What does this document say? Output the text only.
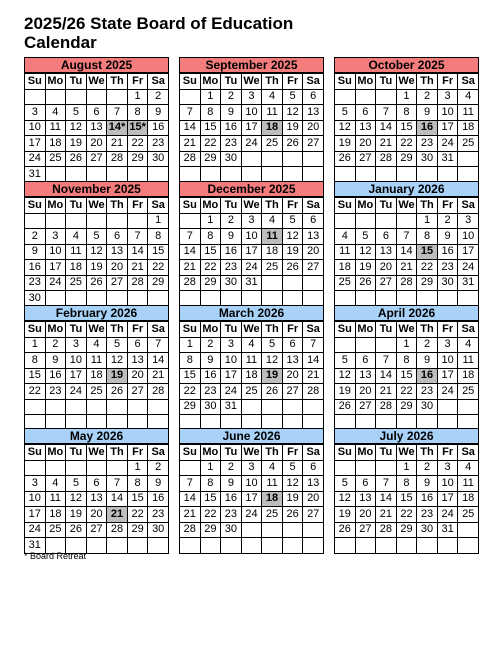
2025/26 State Board of Education
Calendar
August 2025
Su	Mo	Tu	We	Th	Fr	Sa
					1	2
3	4	5	6	7	8	9
10	11	12	13	14*	15*	16
17	18	19	20	21	22	23
24	25	26	27	28	29	30
31						
September 2025
Su	Mo	Tu	We	Th	Fr	Sa
	1	2	3	4	5	6
7	8	9	10	11	12	13
14	15	16	17	18	19	20
21	22	23	24	25	26	27
28	29	30				

October 2025
Su	Mo	Tu	We	Th	Fr	Sa
			1	2	3	4
5	6	7	8	9	10	11
12	13	14	15	16	17	18
19	20	21	22	23	24	25
26	27	28	29	30	31	

November 2025
Su	Mo	Tu	We	Th	Fr	Sa
						1
2	3	4	5	6	7	8
9	10	11	12	13	14	15
16	17	18	19	20	21	22
23	24	25	26	27	28	29
30						
December 2025
Su	Mo	Tu	We	Th	Fr	Sa
	1	2	3	4	5	6
7	8	9	10	11	12	13
14	15	16	17	18	19	20
21	22	23	24	25	26	27
28	29	30	31			

January 2026
Su	Mo	Tu	We	Th	Fr	Sa
				1	2	3
4	5	6	7	8	9	10
11	12	13	14	15	16	17
18	19	20	21	22	23	24
25	26	27	28	29	30	31

February 2026
Su	Mo	Tu	We	Th	Fr	Sa
1	2	3	4	5	6	7
8	9	10	11	12	13	14
15	16	17	18	19	20	21
22	23	24	25	26	27	28

March 2026
Su	Mo	Tu	We	Th	Fr	Sa
1	2	3	4	5	6	7
8	9	10	11	12	13	14
15	16	17	18	19	20	21
22	23	24	25	26	27	28
29	30	31				

April 2026
Su	Mo	Tu	We	Th	Fr	Sa
			1	2	3	4
5	6	7	8	9	10	11
12	13	14	15	16	17	18
19	20	21	22	23	24	25
26	27	28	29	30		

May 2026
Su	Mo	Tu	We	Th	Fr	Sa
					1	2
3	4	5	6	7	8	9
10	11	12	13	14	15	16
17	18	19	20	21	22	23
24	25	26	27	28	29	30
31						
June 2026
Su	Mo	Tu	We	Th	Fr	Sa
	1	2	3	4	5	6
7	8	9	10	11	12	13
14	15	16	17	18	19	20
21	22	23	24	25	26	27
28	29	30				

July 2026
Su	Mo	Tu	We	Th	Fr	Sa
			1	2	3	4
5	6	7	8	9	10	11
12	13	14	15	16	17	18
19	20	21	22	23	24	25
26	27	28	29	30	31	

* Board Retreat
